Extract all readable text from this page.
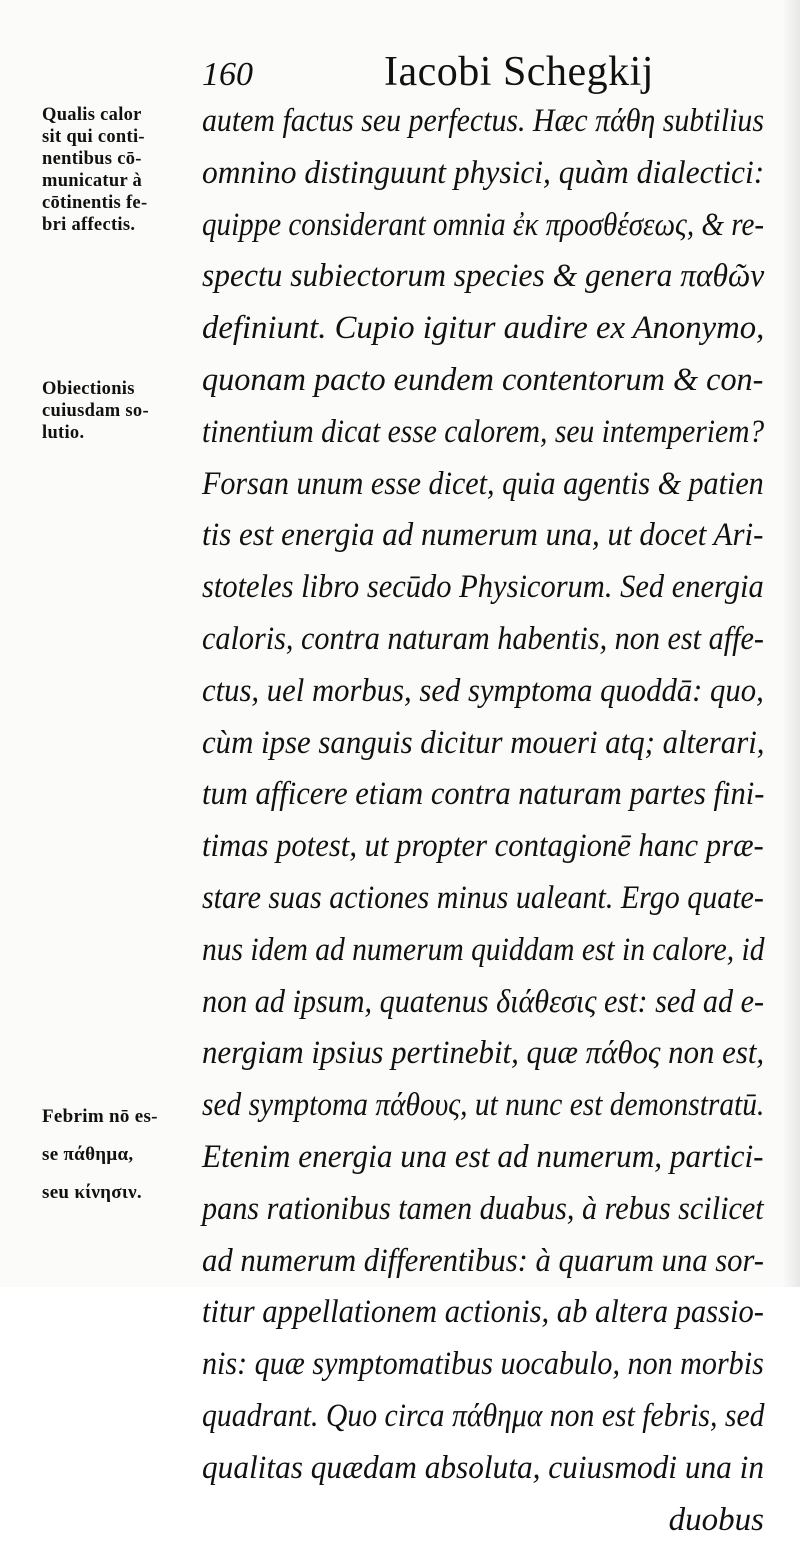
160	Iacobi Schegkij
Qualis calor
sit qui conti-
nentibus cō-
municatur à
cōtinentis fe-
bri affectis.
Obiectionis
cuiusdam so-
lutio.
Febrim nō es-
se πάθημα,
seu κίνησιν.
autem factus seu perfectus. Hæc πάθη subtilius
omnino distinguunt physici, quàm dialectici:
quippe considerant omnia ἐκ προσθέσεως, & re-
spectu subiectorum species & genera παθῶν
definiunt. Cupio igitur audire ex Anonymo,
quonam pacto eundem contentorum & con-
tinentium dicat esse calorem, seu intemperiem?
Forsan unum esse dicet, quia agentis & patien
tis est energia ad numerum una, ut docet Ari-
stoteles libro secūdo Physicorum. Sed energia
caloris, contra naturam habentis, non est affe-
ctus, uel morbus, sed symptoma quoddā: quo,
cùm ipse sanguis dicitur moueri atq; alterari,
tum afficere etiam contra naturam partes fini-
timas potest, ut propter contagionē hanc præ-
stare suas actiones minus ualeant. Ergo quate-
nus idem ad numerum quiddam est in calore, id
non ad ipsum, quatenus διάθεσις est: sed ad e-
nergiam ipsius pertinebit, quæ πάθος non est,
sed symptoma πάθους, ut nunc est demonstratū.
Etenim energia una est ad numerum, partici-
pans rationibus tamen duabus, à rebus scilicet
ad numerum differentibus: à quarum una sor-
titur appellationem actionis, ab altera passio-
nis: quæ symptomatibus uocabulo, non morbis
quadrant. Quo circa πάθημα non est febris, sed
qualitas quædam absoluta, cuiusmodi una in
duobus
